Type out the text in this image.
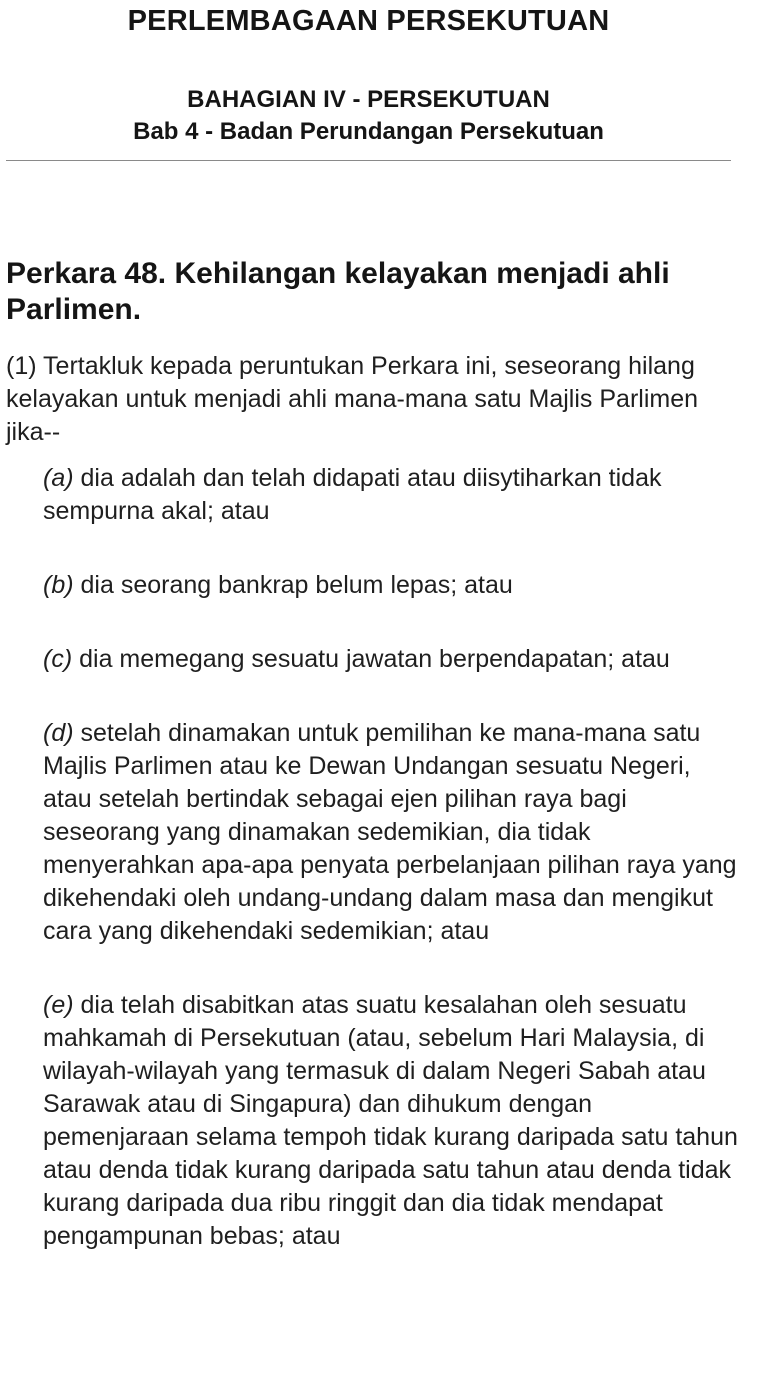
PERLEMBAGAAN PERSEKUTUAN
BAHAGIAN IV - PERSEKUTUAN
Bab 4 - Badan Perundangan Persekutuan
Perkara 48. Kehilangan kelayakan menjadi ahli Parlimen.
(1) Tertakluk kepada peruntukan Perkara ini, seseorang hilang kelayakan untuk menjadi ahli mana-mana satu Majlis Parlimen jika--
(a) dia adalah dan telah didapati atau diisytiharkan tidak sempurna akal; atau
(b) dia seorang bankrap belum lepas; atau
(c) dia memegang sesuatu jawatan berpendapatan; atau
(d) setelah dinamakan untuk pemilihan ke mana-mana satu Majlis Parlimen atau ke Dewan Undangan sesuatu Negeri, atau setelah bertindak sebagai ejen pilihan raya bagi seseorang yang dinamakan sedemikian, dia tidak menyerahkan apa-apa penyata perbelanjaan pilihan raya yang dikehendaki oleh undang-undang dalam masa dan mengikut cara yang dikehendaki sedemikian; atau
(e) dia telah disabitkan atas suatu kesalahan oleh sesuatu mahkamah di Persekutuan (atau, sebelum Hari Malaysia, di wilayah-wilayah yang termasuk di dalam Negeri Sabah atau Sarawak atau di Singapura) dan dihukum dengan pemenjaraan selama tempoh tidak kurang daripada satu tahun atau denda tidak kurang daripada satu tahun atau denda tidak kurang daripada dua ribu ringgit dan dia tidak mendapat pengampunan bebas; atau
